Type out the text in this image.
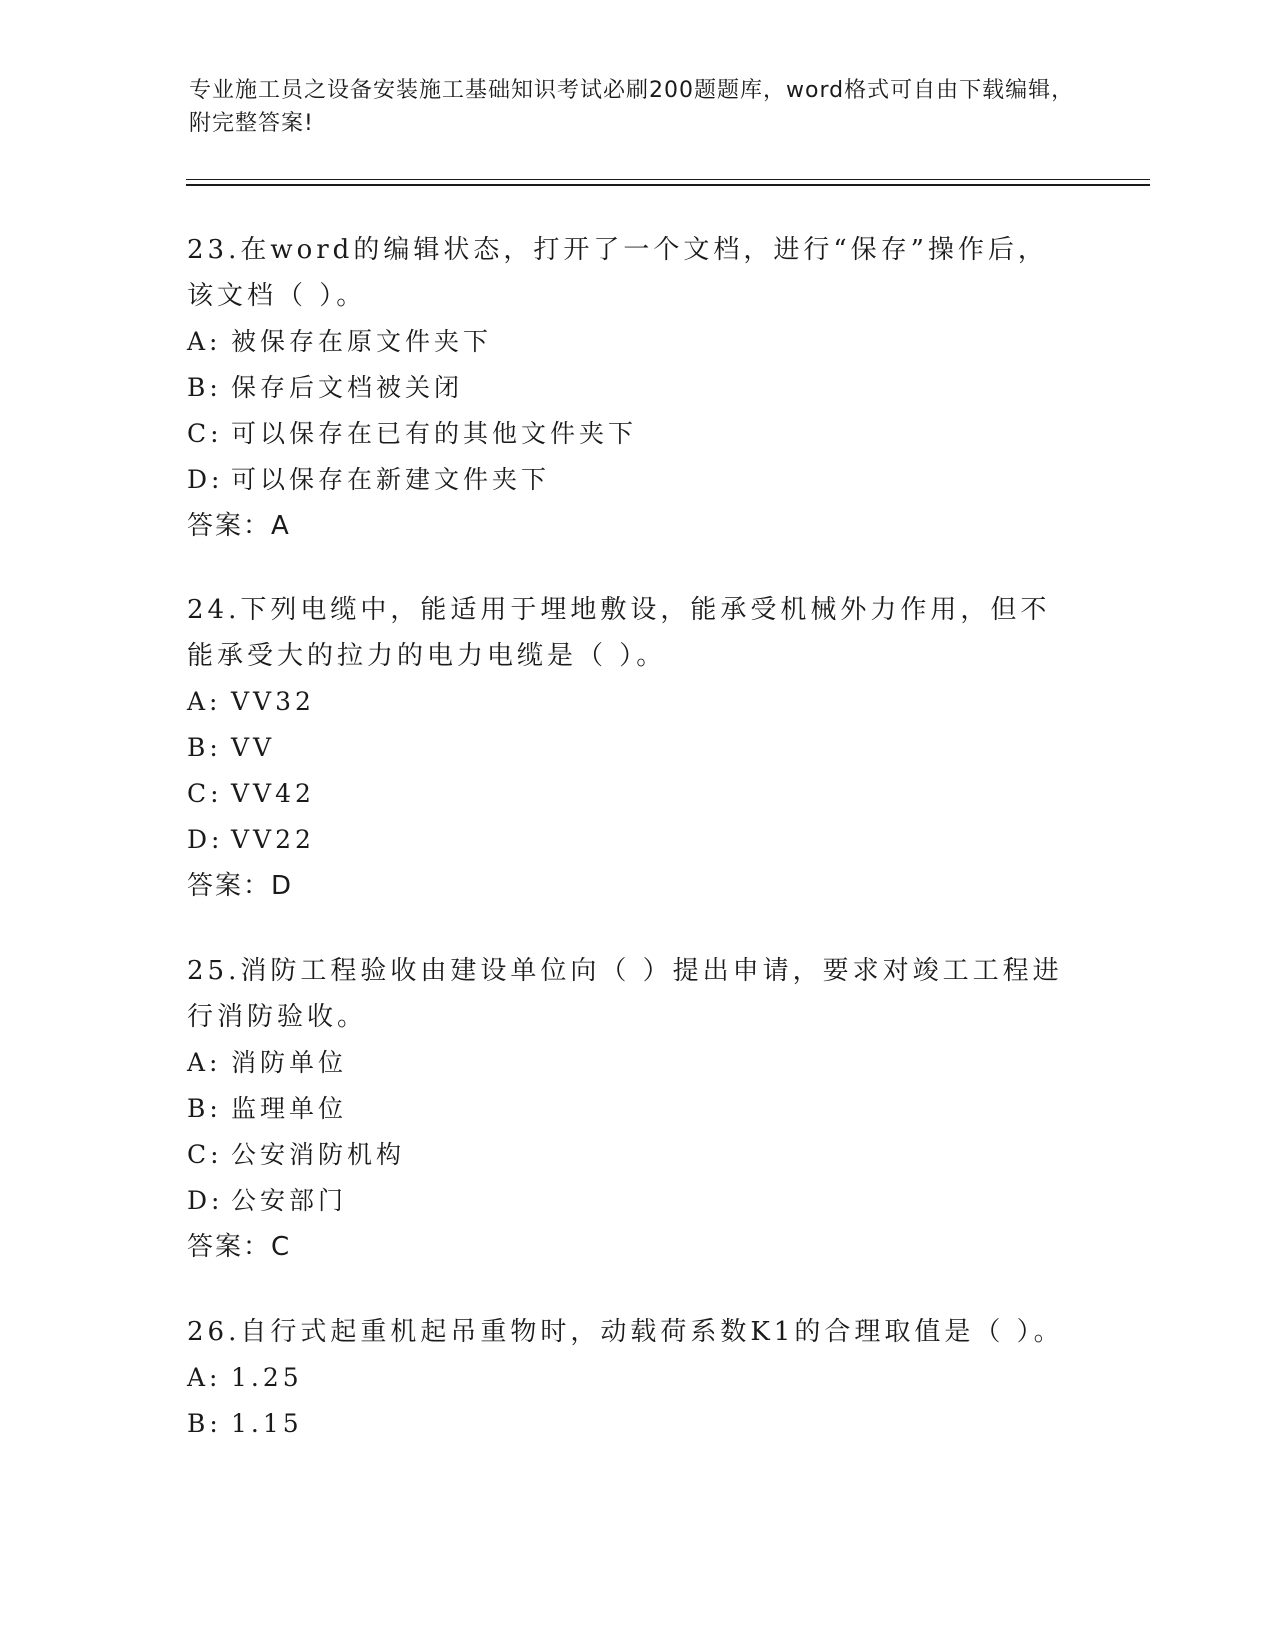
专业施工员之设备安装施工基础知识考试必刷200题题库，word格式可自由下载编辑，附完整答案!

23.在word的编辑状态，打开了一个文档，进行“保存”操作后，该文档（ ）。

A: 被保存在原文件夹下

B: 保存后文档被关闭

C: 可以保存在已有的其他文件夹下

D: 可以保存在新建文件夹下

答案：A

24.下列电缆中，能适用于埋地敷设，能承受机械外力作用，但不能承受大的拉力的电力电缆是（ ）。

A: VV32

B: VV

C: VV42

D: VV22

答案：D

25.消防工程验收由建设单位向（ ）提出申请，要求对竣工工程进行消防验收。

A: 消防单位

B: 监理单位

C: 公安消防机构

D: 公安部门

答案：C

26.自行式起重机起吊重物时，动载荷系数K1的合理取值是（ ）。

A: 1.25

B: 1.15
